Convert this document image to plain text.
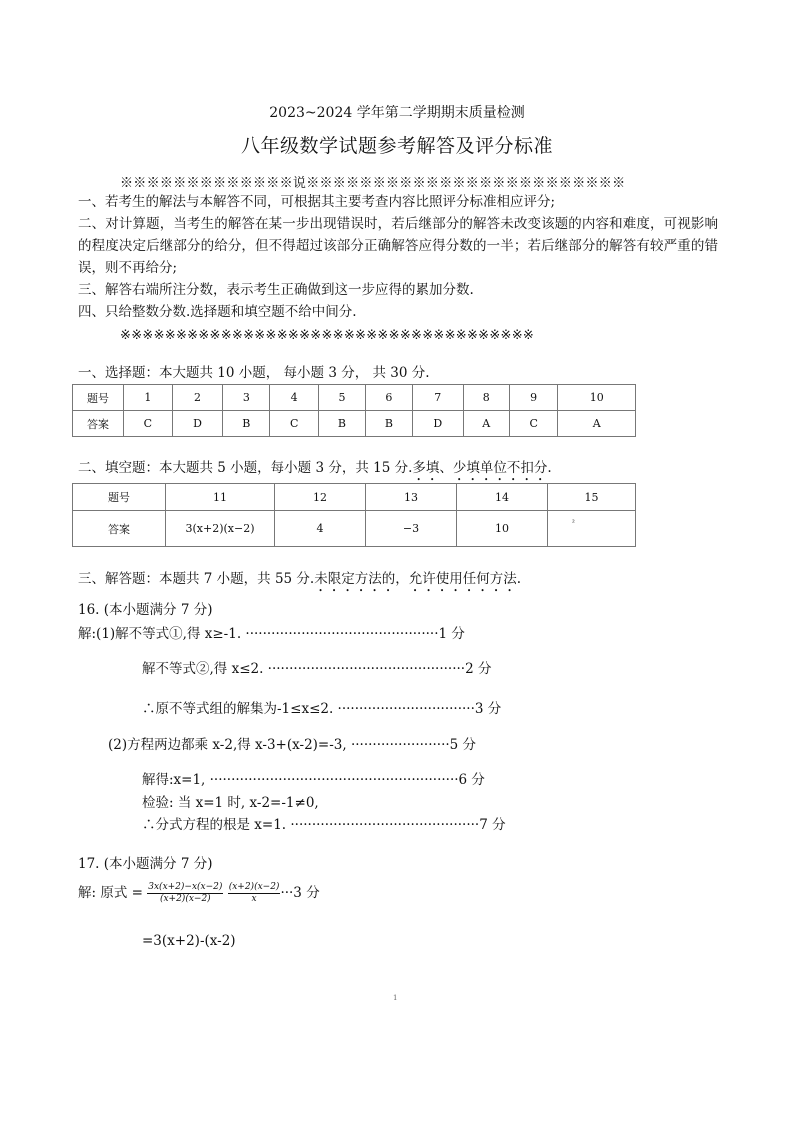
2023~2024 学年第二学期期末质量检测
八年级数学试题参考解答及评分标准
※※※※※※※※※※※※※说※※※※※※※※※※※※※※※※※※※※※※※※
一、若考生的解法与本解答不同，可根据其主要考查内容比照评分标准相应评分;
二、对计算题，当考生的解答在某一步出现错误时，若后继部分的解答未改变该题的内容和难度，可视影响的程度决定后继部分的给分，但不得超过该部分正确解答应得分数的一半；若后继部分的解答有较严重的错误，则不再给分;
三、解答右端所注分数，表示考生正确做到这一步应得的累加分数.
四、只给整数分数.选择题和填空题不给中间分.
※※※※※※※※※※※※※※※※※※※※※※※※※※※※※※※※※※※※※
一、选择题：本大题共 10 小题， 每小题 3 分， 共 30 分.
题号	1	2	3	4	5	6	7	8	9	10
答案	C	D	B	C	B	B	D	A	C	A
二、填空题：本大题共 5 小题，每小题 3 分，共 15 分.多填、少填单位不扣分.
题号	11	12	13	14	15
答案	3(x+2)(x−2)	4	−3	10	²
三、解答题：本题共 7 小题，共 55 分.未限定方法的，允许使用任何方法.
16. (本小题满分 7 分)
解:(1)解不等式①,得 x≥-1. ·············································1 分
解不等式②,得 x≤2. ··············································2 分
∴原不等式组的解集为-1≤x≤2. ································3 分
(2)方程两边都乘 x-2,得 x-3+(x-2)=-3, ·······················5 分
解得:x=1, ··························································6 分
检验: 当 x=1 时, x-2=-1≠0,
∴分式方程的根是 x=1. ············································7 分
17. (本小题满分 7 分)
解: 原式 = $\frac{3x(x+2)-x(x-2)}{(x+2)(x-2)}$
$\frac{(x+2)(x-2)}{x} \cdot\cdot\cdot 3$ 分
=3(x+2)-(x-2)
1
